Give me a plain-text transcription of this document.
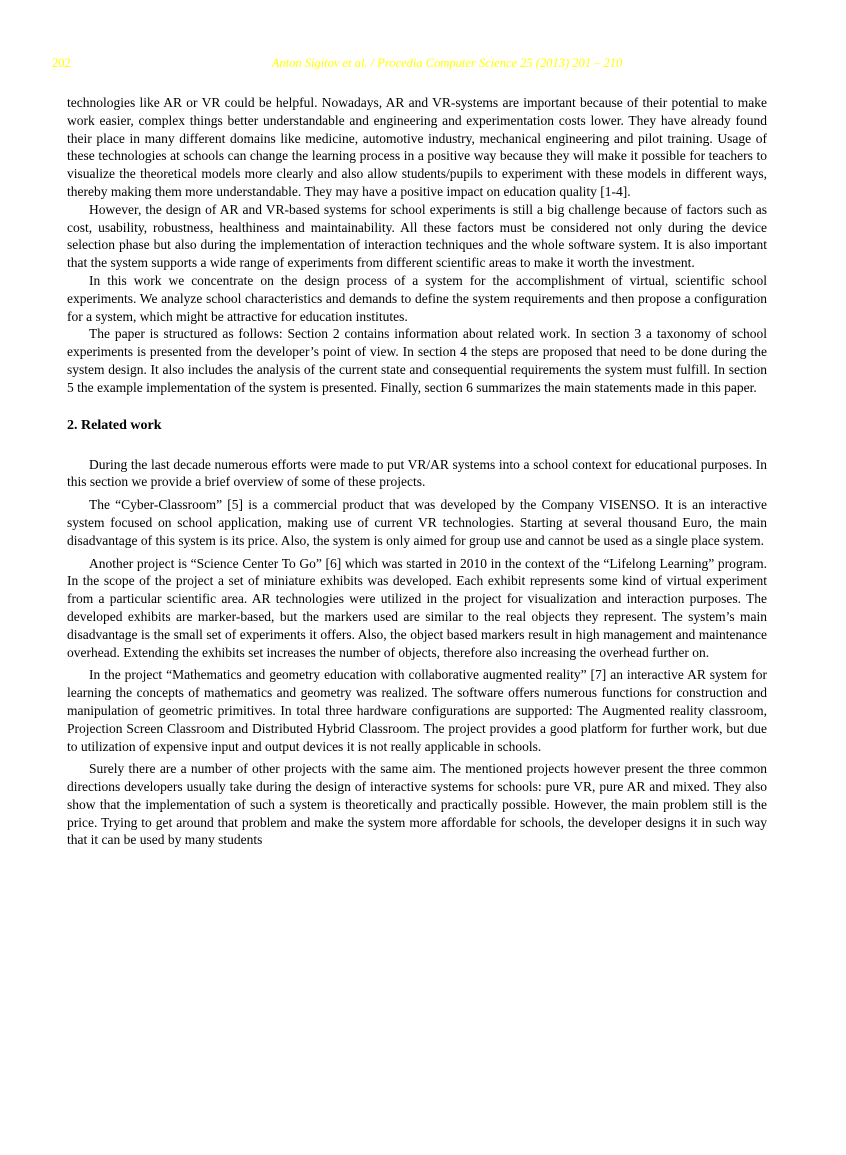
202	Anton Sigitov et al. / Procedia Computer Science 25 (2013) 201 – 210

technologies like AR or VR could be helpful. Nowadays, AR and VR-systems are important because of their potential to make work easier, complex things better understandable and engineering and experimentation costs lower. They have already found their place in many different domains like medicine, automotive industry, mechanical engineering and pilot training. Usage of these technologies at schools can change the learning process in a positive way because they will make it possible for teachers to visualize the theoretical models more clearly and also allow students/pupils to experiment with these models in different ways, thereby making them more understandable. They may have a positive impact on education quality [1-4].

However, the design of AR and VR-based systems for school experiments is still a big challenge because of factors such as cost, usability, robustness, healthiness and maintainability. All these factors must be considered not only during the device selection phase but also during the implementation of interaction techniques and the whole software system. It is also important that the system supports a wide range of experiments from different scientific areas to make it worth the investment.

In this work we concentrate on the design process of a system for the accomplishment of virtual, scientific school experiments. We analyze school characteristics and demands to define the system requirements and then propose a configuration for a system, which might be attractive for education institutes.

The paper is structured as follows: Section 2 contains information about related work. In section 3 a taxonomy of school experiments is presented from the developer’s point of view. In section 4 the steps are proposed that need to be done during the system design. It also includes the analysis of the current state and consequential requirements the system must fulfill. In section 5 the example implementation of the system is presented. Finally, section 6 summarizes the main statements made in this paper.

2. Related work

During the last decade numerous efforts were made to put VR/AR systems into a school context for educational purposes. In this section we provide a brief overview of some of these projects.

The “Cyber-Classroom” [5] is a commercial product that was developed by the Company VISENSO. It is an interactive system focused on school application, making use of current VR technologies. Starting at several thousand Euro, the main disadvantage of this system is its price. Also, the system is only aimed for group use and cannot be used as a single place system.

Another project is “Science Center To Go” [6] which was started in 2010 in the context of the “Lifelong Learning” program. In the scope of the project a set of miniature exhibits was developed. Each exhibit represents some kind of virtual experiment from a particular scientific area. AR technologies were utilized in the project for visualization and interaction purposes. The developed exhibits are marker-based, but the markers used are similar to the real objects they represent. The system’s main disadvantage is the small set of experiments it offers. Also, the object based markers result in high management and maintenance overhead. Extending the exhibits set increases the number of objects, therefore also increasing the overhead further on.

In the project “Mathematics and geometry education with collaborative augmented reality” [7] an interactive AR system for learning the concepts of mathematics and geometry was realized. The software offers numerous functions for construction and manipulation of geometric primitives. In total three hardware configurations are supported: The Augmented reality classroom, Projection Screen Classroom and Distributed Hybrid Classroom. The project provides a good platform for further work, but due to utilization of expensive input and output devices it is not really applicable in schools.

Surely there are a number of other projects with the same aim. The mentioned projects however present the three common directions developers usually take during the design of interactive systems for schools: pure VR, pure AR and mixed. They also show that the implementation of such a system is theoretically and practically possible. However, the main problem still is the price. Trying to get around that problem and make the system more affordable for schools, the developer designs it in such way that it can be used by many students
